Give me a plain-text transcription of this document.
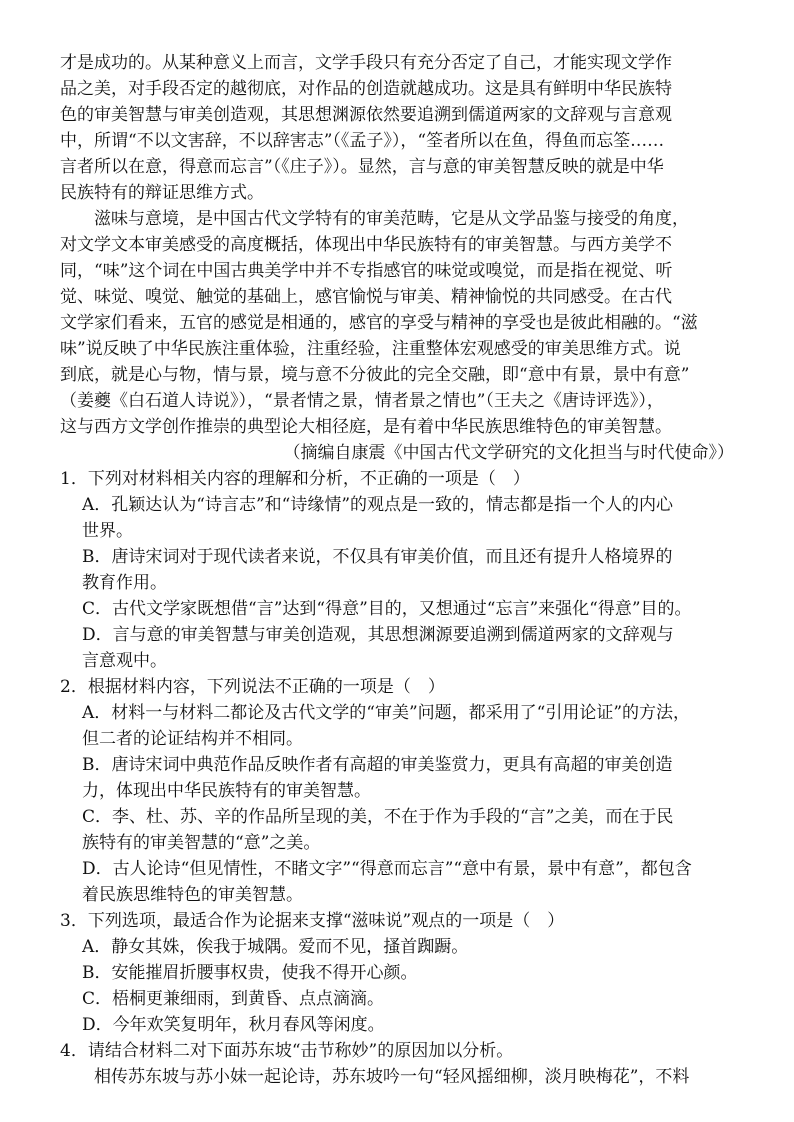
才是成功的。从某种意义上而言，文学手段只有充分否定了自己，才能实现文学作
品之美，对手段否定的越彻底，对作品的创造就越成功。这是具有鲜明中华民族特
色的审美智慧与审美创造观，其思想渊源依然要追溯到儒道两家的文辞观与言意观
中，所谓“不以文害辞，不以辞害志”（《孟子》），“筌者所以在鱼，得鱼而忘筌……
言者所以在意，得意而忘言”（《庄子》）。显然，言与意的审美智慧反映的就是中华
民族特有的辩证思维方式。
滋味与意境，是中国古代文学特有的审美范畴，它是从文学品鉴与接受的角度，
对文学文本审美感受的高度概括，体现出中华民族特有的审美智慧。与西方美学不
同，“味”这个词在中国古典美学中并不专指感官的味觉或嗅觉，而是指在视觉、听
觉、味觉、嗅觉、触觉的基础上，感官愉悦与审美、精神愉悦的共同感受。在古代
文学家们看来，五官的感觉是相通的，感官的享受与精神的享受也是彼此相融的。“滋
味”说反映了中华民族注重体验，注重经验，注重整体宏观感受的审美思维方式。说
到底，就是心与物，情与景，境与意不分彼此的完全交融，即“意中有景，景中有意”
（姜夔《白石道人诗说》），“景者情之景，情者景之情也”（王夫之《唐诗评选》），
这与西方文学创作推崇的典型论大相径庭，是有着中华民族思维特色的审美智慧。
（摘编自康震《中国古代文学研究的文化担当与时代使命》）
1．下列对材料相关内容的理解和分析，不正确的一项是（　）
A．孔颖达认为“诗言志”和“诗缘情”的观点是一致的，情志都是指一个人的内心
世界。
B．唐诗宋词对于现代读者来说，不仅具有审美价值，而且还有提升人格境界的
教育作用。
C．古代文学家既想借“言”达到“得意”目的，又想通过“忘言”来强化“得意”目的。
D．言与意的审美智慧与审美创造观，其思想渊源要追溯到儒道两家的文辞观与
言意观中。
2．根据材料内容，下列说法不正确的一项是（　）
A．材料一与材料二都论及古代文学的“审美”问题，都采用了“引用论证”的方法，
但二者的论证结构并不相同。
B．唐诗宋词中典范作品反映作者有高超的审美鉴赏力，更具有高超的审美创造
力，体现出中华民族特有的审美智慧。
C．李、杜、苏、辛的作品所呈现的美，不在于作为手段的“言”之美，而在于民
族特有的审美智慧的“意”之美。
D．古人论诗“但见情性，不睹文字”“得意而忘言”“意中有景，景中有意”，都包含
着民族思维特色的审美智慧。
3．下列选项，最适合作为论据来支撑“滋味说”观点的一项是（　）
A．静女其姝，俟我于城隅。爱而不见，搔首踟蹰。
B．安能摧眉折腰事权贵，使我不得开心颜。
C．梧桐更兼细雨，到黄昏、点点滴滴。
D．今年欢笑复明年，秋月春风等闲度。
4．请结合材料二对下面苏东坡“击节称妙”的原因加以分析。
相传苏东坡与苏小妹一起论诗，苏东坡吟一句“轻风摇细柳，淡月映梅花”，不料
